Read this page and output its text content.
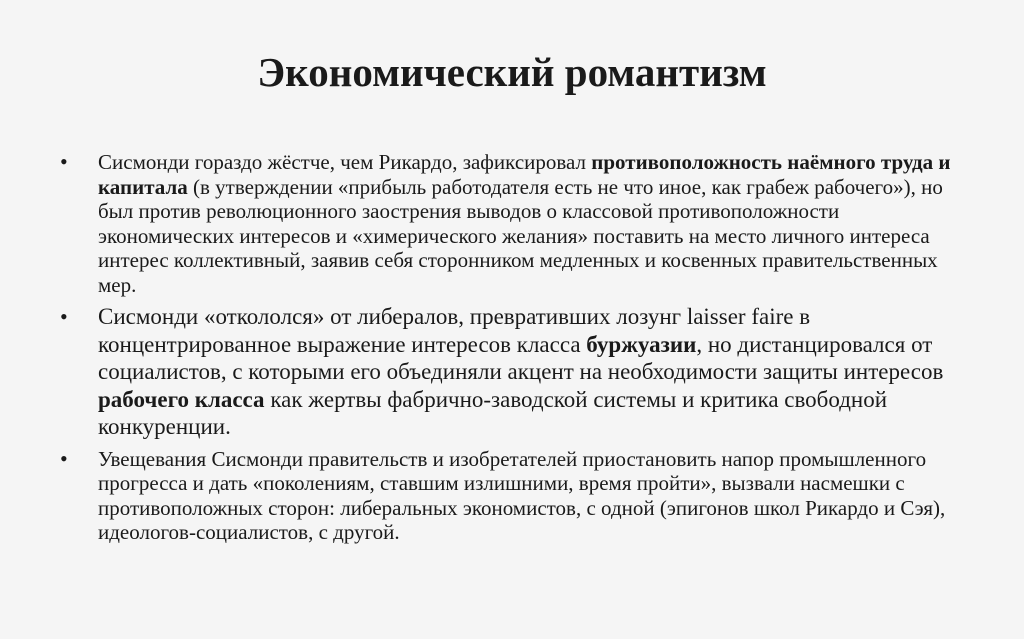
Экономический романтизм
• Сисмонди гораздо жёстче, чем Рикардо, зафиксировал противоположность наёмного труда и капитала (в утверждении «прибыль работодателя есть не что иное, как грабеж рабочего»), но был против революционного заострения выводов о классовой противоположности экономических интересов и «химерического желания» поставить на место личного интереса интерес коллективный, заявив себя сторонником медленных и косвенных правительственных мер.
• Сисмонди «откололся» от либералов, превративших лозунг laisser faire в концентрированное выражение интересов класса буржуазии, но дистанцировался от социалистов, с которыми его объединяли акцент на необходимости защиты интересов рабочего класса как жертвы фабрично-заводской системы и критика свободной конкуренции.
• Увещевания Сисмонди правительств и изобретателей приостановить напор промышленного прогресса и дать «поколениям, ставшим излишними, время пройти», вызвали насмешки с противоположных сторон: либеральных экономистов, с одной (эпигонов школ Рикардо и Сэя), идеологов-социалистов, с другой.
